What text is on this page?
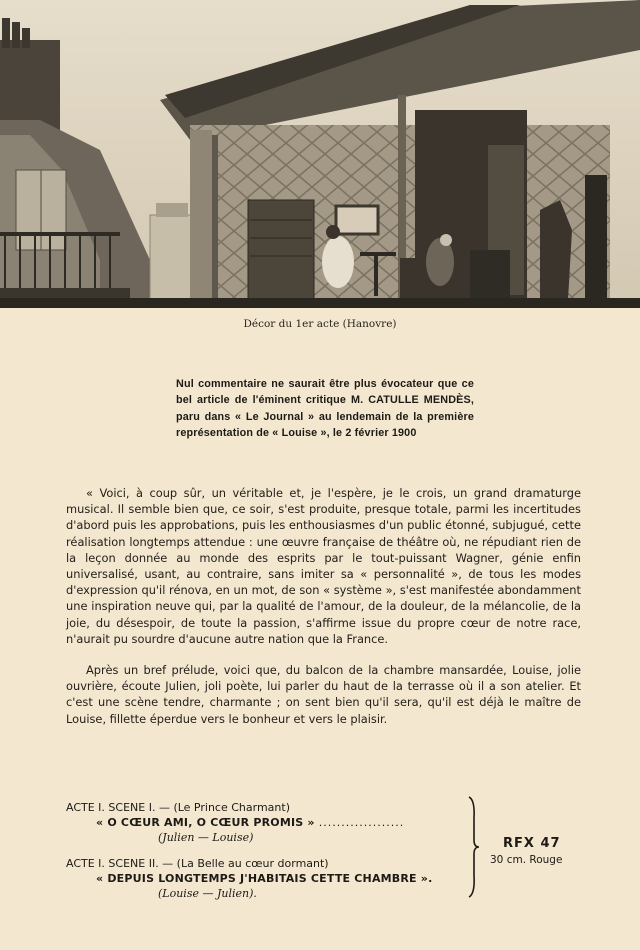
Décor du 1er acte (Hanovre)

Nul commentaire ne saurait être plus évocateur que ce bel article de l'éminent critique M. CATULLE MENDÈS, paru dans « Le Journal » au lendemain de la première représentation de « Louise », le 2 février 1900

« Voici, à coup sûr, un véritable et, je l'espère, je le crois, un grand dramaturge musical. Il semble bien que, ce soir, s'est produite, presque totale, parmi les incertitudes d'abord puis les approbations, puis les enthousiasmes d'un public étonné, subjugué, cette réalisation longtemps attendue : une œuvre française de théâtre où, ne répudiant rien de la leçon donnée au monde des esprits par le tout-puissant Wagner, génie enfin universalisé, usant, au contraire, sans imiter sa « personnalité », de tous les modes d'expression qu'il rénova, en un mot, de son « système », s'est manifestée abondamment une inspiration neuve qui, par la qualité de l'amour, de la douleur, de la mélancolie, de la joie, du désespoir, de toute la passion, s'affirme issue du propre cœur de notre race, n'aurait pu sourdre d'aucune autre nation que la France.

Après un bref prélude, voici que, du balcon de la chambre mansardée, Louise, jolie ouvrière, écoute Julien, joli poète, lui parler du haut de la terrasse où il a son atelier. Et c'est une scène tendre, charmante ; on sent bien qu'il sera, qu'il est déjà le maître de Louise, fillette éperdue vers le bonheur et vers le plaisir.

ACTE I. SCENE I. — (Le Prince Charmant)
« O CŒUR AMI, O CŒUR PROMIS » ...................
(Julien — Louise)
ACTE I. SCENE II. — (La Belle au cœur dormant)
« DEPUIS LONGTEMPS J'HABITAIS CETTE CHAMBRE ».
(Louise — Julien).
RFX 47
30 cm. Rouge
